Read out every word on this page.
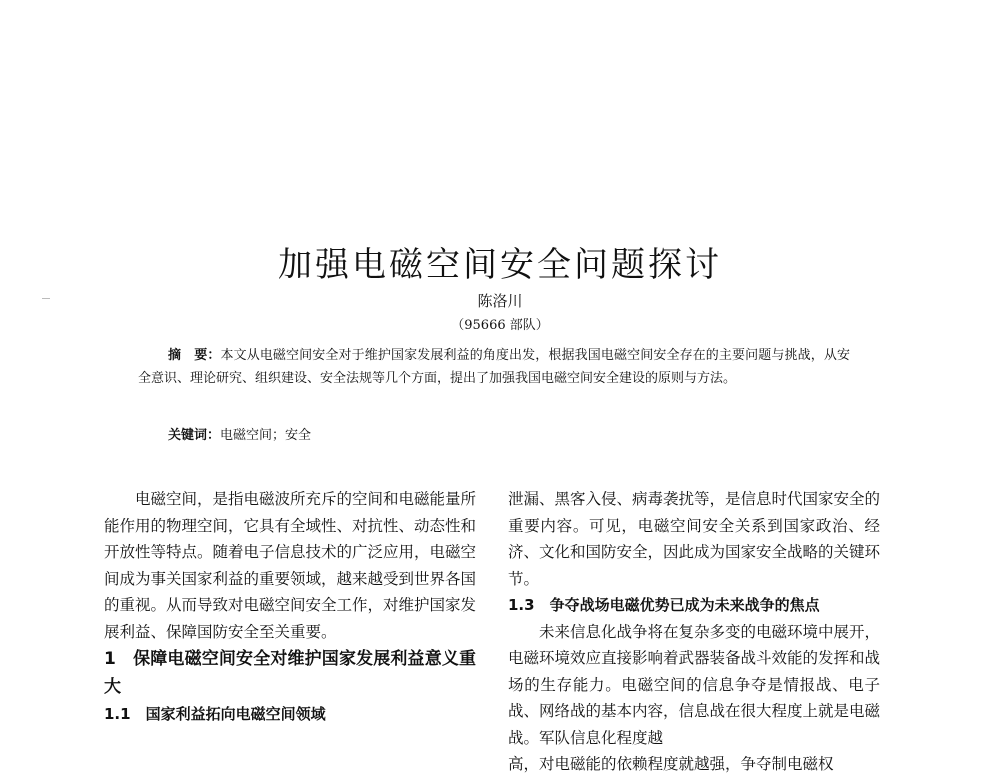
加强电磁空间安全问题探讨
陈洛川
（95666 部队）
摘　要：本文从电磁空间安全对于维护国家发展利益的角度出发，根据我国电磁空间安全存在的主要问题与挑战，从安全意识、理论研究、组织建设、安全法规等几个方面，提出了加强我国电磁空间安全建设的原则与方法。
关键词：电磁空间；安全

电磁空间，是指电磁波所充斥的空间和电磁能量所能作用的物理空间，它具有全域性、对抗性、动态性和开放性等特点。随着电子信息技术的广泛应用，电磁空间成为事关国家利益的重要领域，越来越受到世界各国的重视。从而导致对电磁空间安全工作，对维护国家发展利益、保障国防安全至关重要。

1　保障电磁空间安全对维护国家发展利益意义重大

1.1　国家利益拓向电磁空间领域

泄漏、黑客入侵、病毒袭扰等，是信息时代国家安全的重要内容。可见，电磁空间安全关系到国家政治、经济、文化和国防安全，因此成为国家安全战略的关键环节。

1.3　争夺战场电磁优势已成为未来战争的焦点

未来信息化战争将在复杂多变的电磁环境中展开，电磁环境效应直接影响着武器装备战斗效能的发挥和战场的生存能力。电磁空间的信息争夺是情报战、电子战、网络战的基本内容，信息战在很大程度上就是电磁战。军队信息化程度越

高，对电磁能的依赖程度就越强，争夺制电磁权
